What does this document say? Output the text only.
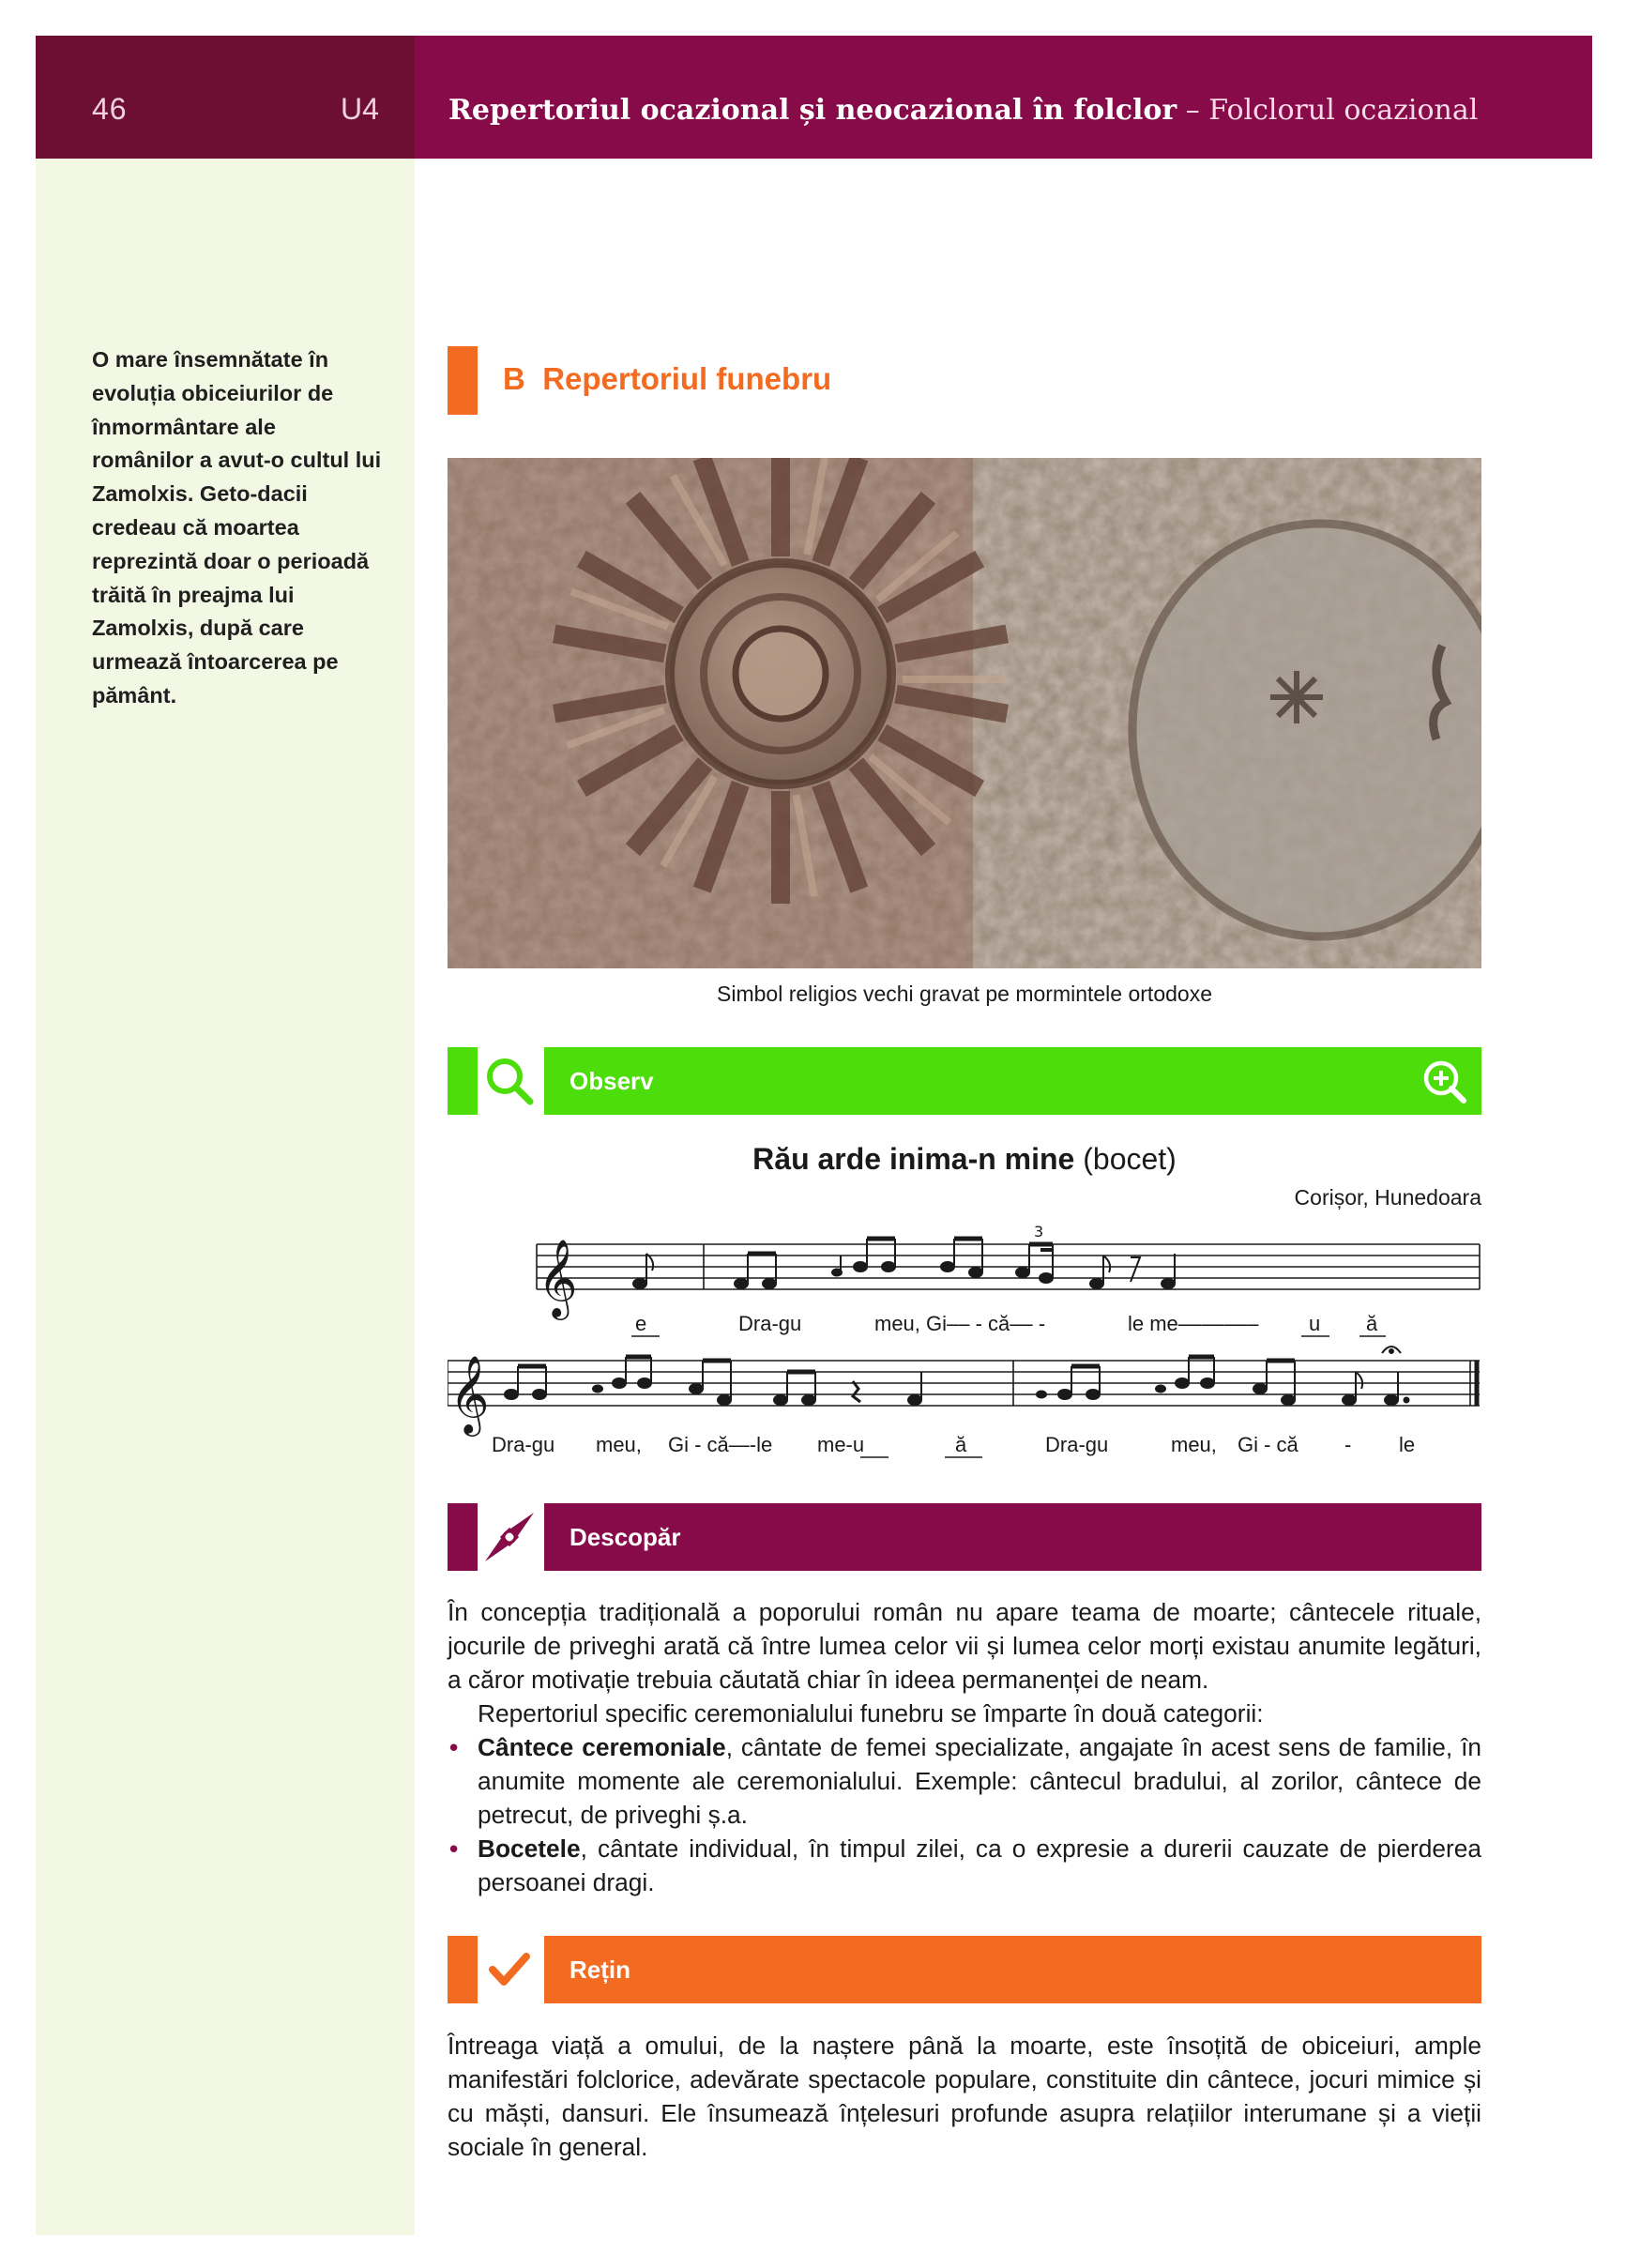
46	U4 Repertoriul ocazional și neocazional în folclor – Folclorul ocazional
O mare însemnătate în evoluția obiceiurilor de înmormântare ale românilor a avut-o cultul lui Zamolxis. Geto-dacii credeau că moartea reprezintă doar o perioadă trăită în preajma lui Zamolxis, după care urmează întoarcerea pe pământ.
B Repertoriul funebru
Simbol religios vechi gravat pe mormintele ortodoxe
Observ
Rău arde inima-n mine (bocet)
Corișor, Hunedoara
𝄞
3
e	Dra-gu	meu, Gi–– - că–– -	le me––––––– u ă
𝄞
Dra-gu meu, Gi - că—-le me-u	ă	Dra-gu	meu, Gi - că - le
Descopăr

În concepția tradițională a poporului român nu apare teama de moarte; cântecele rituale, jocurile de priveghi arată că între lumea celor vii și lumea celor morți existau anumite legături, a căror motivație trebuia căutată chiar în ideea permanenței de neam.

Repertoriul specific ceremonialului funebru se împarte în două categorii:

• Cântece ceremoniale, cântate de femei specializate, angajate în acest sens de familie, în anumite momente ale ceremonialului. Exemple: cântecul bradului, al zorilor, cântece de petrecut, de priveghi ș.a.
• Bocetele, cântate individual, în timpul zilei, ca o expresie a durerii cauzate de pierderea persoanei dragi.
Rețin

Întreaga viață a omului, de la naștere până la moarte, este însoțită de obiceiuri, ample manifestări folclorice, adevărate spectacole populare, constituite din cântece, jocuri mimice și cu măști, dansuri. Ele însumează înțelesuri profunde asupra relațiilor interumane și a vieții sociale în general.
